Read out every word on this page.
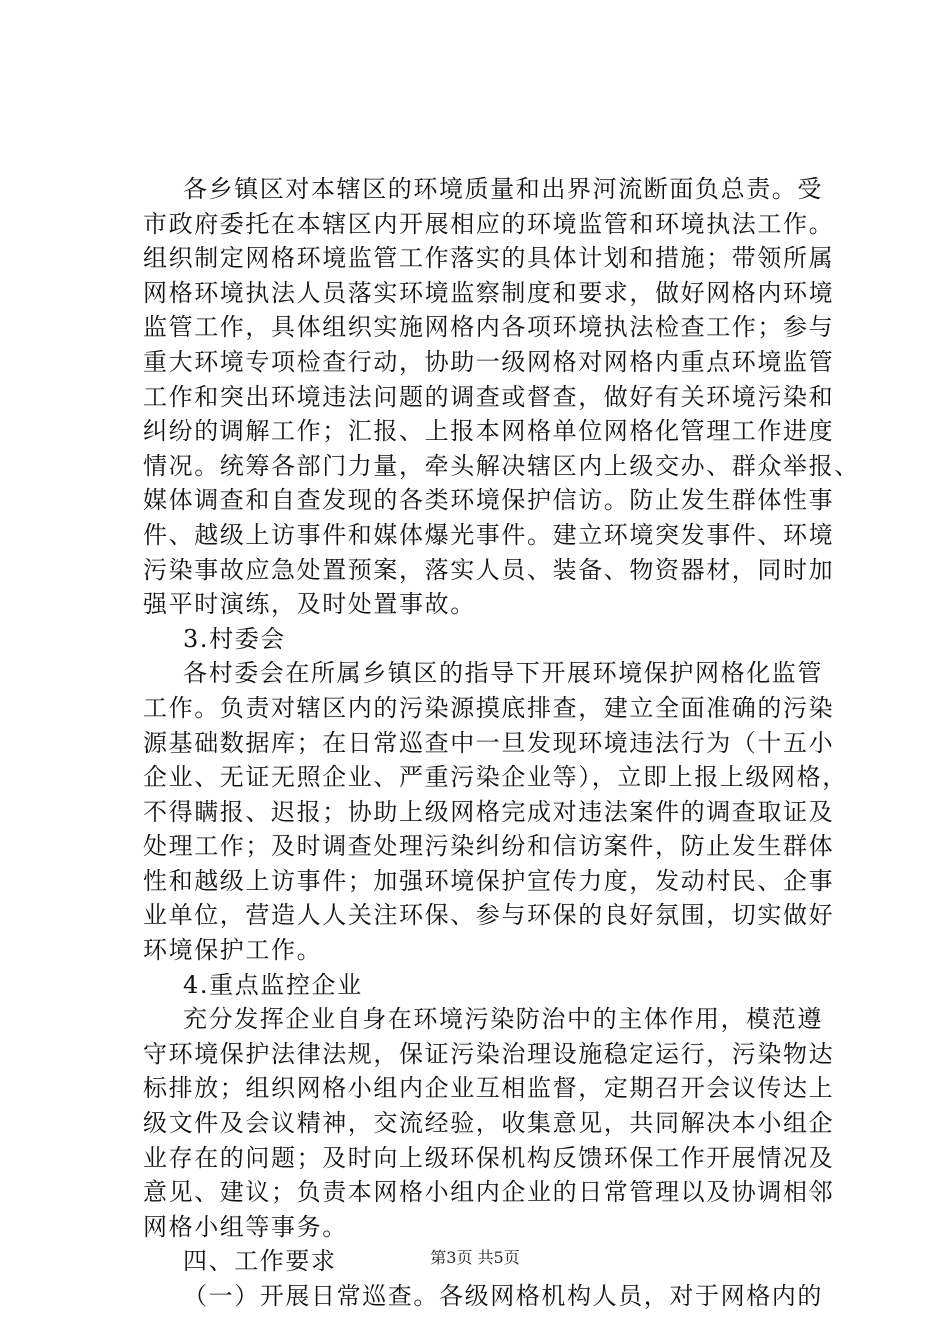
各乡镇区对本辖区的环境质量和出界河流断面负总责。受
市政府委托在本辖区内开展相应的环境监管和环境执法工作。
组织制定网格环境监管工作落实的具体计划和措施；带领所属
网格环境执法人员落实环境监察制度和要求，做好网格内环境
监管工作，具体组织实施网格内各项环境执法检查工作；参与
重大环境专项检查行动，协助一级网格对网格内重点环境监管
工作和突出环境违法问题的调查或督查，做好有关环境污染和
纠纷的调解工作；汇报、上报本网格单位网格化管理工作进度
情况。统筹各部门力量，牵头解决辖区内上级交办、群众举报、
媒体调查和自查发现的各类环境保护信访。防止发生群体性事
件、越级上访事件和媒体爆光事件。建立环境突发事件、环境
污染事故应急处置预案，落实人员、装备、物资器材，同时加
强平时演练，及时处置事故。
3.村委会
各村委会在所属乡镇区的指导下开展环境保护网格化监管
工作。负责对辖区内的污染源摸底排查，建立全面准确的污染
源基础数据库；在日常巡查中一旦发现环境违法行为（十五小
企业、无证无照企业、严重污染企业等），立即上报上级网格，
不得瞒报、迟报；协助上级网格完成对违法案件的调查取证及
处理工作；及时调查处理污染纠纷和信访案件，防止发生群体
性和越级上访事件；加强环境保护宣传力度，发动村民、企事
业单位，营造人人关注环保、参与环保的良好氛围，切实做好
环境保护工作。
4.重点监控企业
充分发挥企业自身在环境污染防治中的主体作用，模范遵
守环境保护法律法规，保证污染治理设施稳定运行，污染物达
标排放；组织网格小组内企业互相监督，定期召开会议传达上
级文件及会议精神，交流经验，收集意见，共同解决本小组企
业存在的问题；及时向上级环保机构反馈环保工作开展情况及
意见、建议；负责本网格小组内企业的日常管理以及协调相邻
网格小组等事务。
四、工作要求
（一）开展日常巡查。各级网格机构人员，对于网格内的
第3页 共5页
